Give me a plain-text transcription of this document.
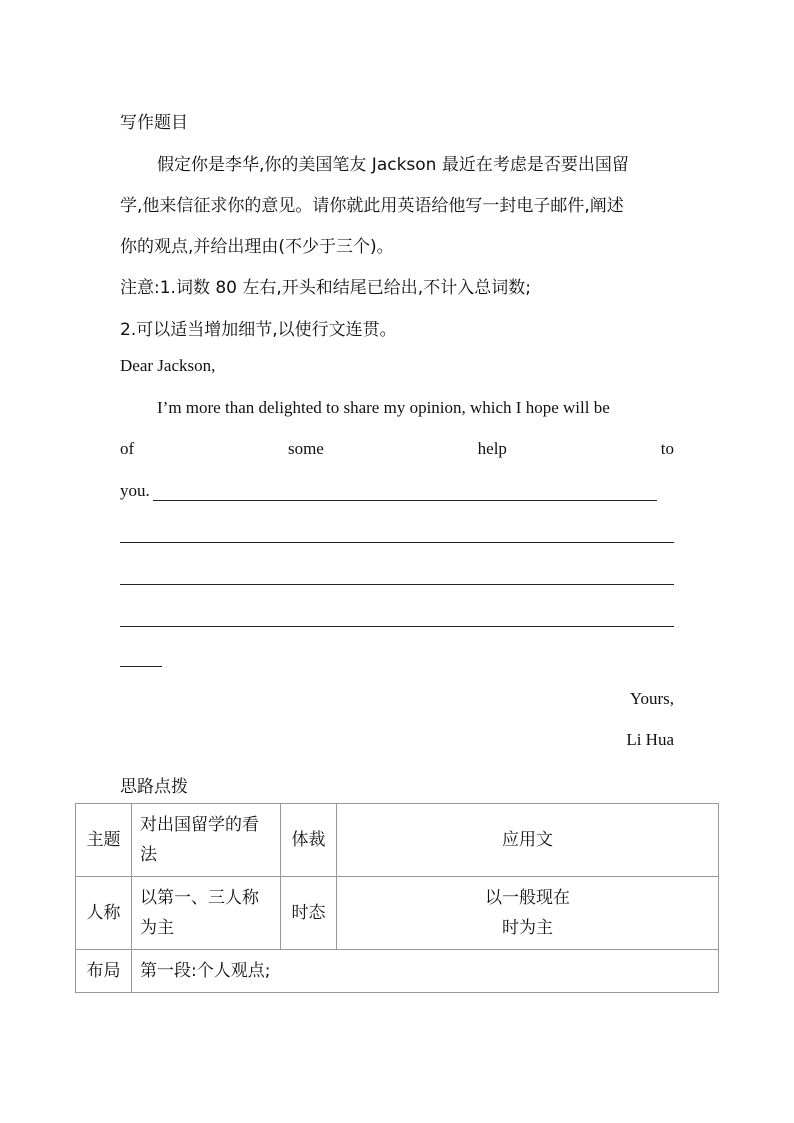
写作题目
假定你是李华,你的美国笔友 Jackson 最近在考虑是否要出国留
学,他来信征求你的意见。请你就此用英语给他写一封电子邮件,阐述
你的观点,并给出理由(不少于三个)。
注意:1.词数 80 左右,开头和结尾已给出,不计入总词数;
2.可以适当增加细节,以使行文连贯。
Dear Jackson,
I’m more than delighted to share my opinion, which I hope will be
of	some	help	to
you.
Yours,
Li Hua
思路点拨
主题	对出国留学的看法	体裁	应用文
人称	以第一、三人称为主	时态	以一般现在时为主
布局	第一段:个人观点;		
